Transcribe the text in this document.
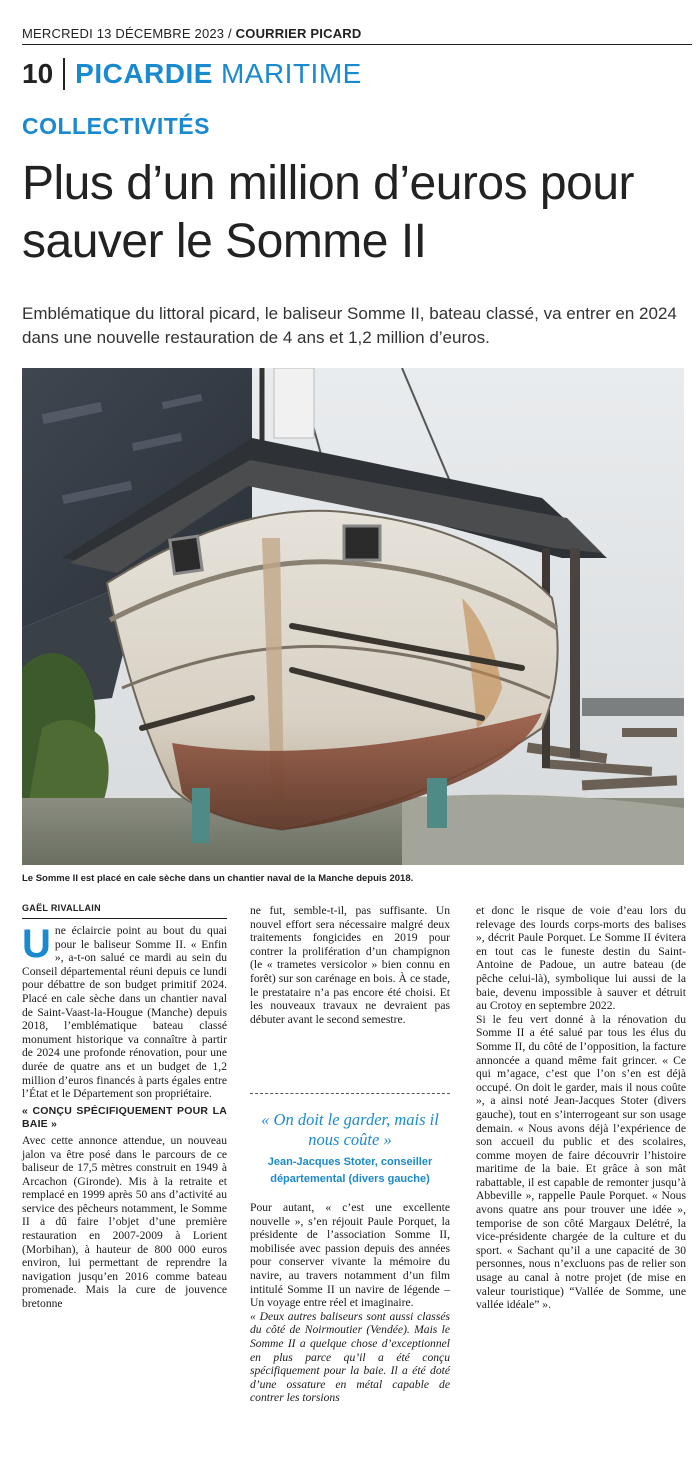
MERCREDI 13 DÉCEMBRE 2023 / COURRIER PICARD
10 PICARDIE MARITIME
COLLECTIVITÉS
Plus d’un million d’euros pour sauver le Somme II
Emblématique du littoral picard, le baliseur Somme II, bateau classé, va entrer en 2024 dans une nouvelle restauration de 4 ans et 1,2 million d’euros.
Le Somme II est placé en cale sèche dans un chantier naval de la Manche depuis 2018.
GAËL RIVALLAIN
U ne éclaircie point au bout du quai pour le baliseur Somme II. « Enfin », a-t-on salué ce mardi au sein du Conseil départemental réuni depuis ce lundi pour débattre de son budget primitif 2024. Placé en cale sèche dans un chantier naval de Saint-Vaast-la-Hougue (Manche) depuis 2018, l’emblématique bateau classé monument historique va connaître à partir de 2024 une profonde rénovation, pour une durée de quatre ans et un budget de 1,2 million d’euros financés à parts égales entre l’État et le Département son propriétaire.

« CONÇU SPÉCIFIQUEMENT POUR LA BAIE »

Avec cette annonce attendue, un nouveau jalon va être posé dans le parcours de ce baliseur de 17,5 mètres construit en 1949 à Arcachon (Gironde). Mis à la retraite et remplacé en 1999 après 50 ans d’activité au service des pêcheurs notamment, le Somme II a dû faire l’objet d’une première restauration en 2007-2009 à Lorient (Morbihan), à hauteur de 800 000 euros environ, lui permettant de reprendre la navigation jusqu’en 2016 comme bateau promenade. Mais la cure de jouvence bretonne

ne fut, semble-t-il, pas suffisante. Un nouvel effort sera nécessaire malgré deux traitements fongicides en 2019 pour contrer la prolifération d’un champignon (le « trametes versicolor » bien connu en forêt) sur son carénage en bois. À ce stade, le prestataire n’a pas encore été choisi. Et les nouveaux travaux ne devraient pas débuter avant le second semestre.

« On doit le garder, mais il nous coûte »
Jean-Jacques Stoter, conseiller départemental (divers gauche)

Pour autant, « c’est une excellente nouvelle », s’en réjouit Paule Porquet, la présidente de l’association Somme II, mobilisée avec passion depuis des années pour conserver vivante la mémoire du navire, au travers notamment d’un film intitulé Somme II un navire de légende – Un voyage entre réel et imaginaire.

« Deux autres baliseurs sont aussi classés du côté de Noirmoutier (Vendée). Mais le Somme II a quelque chose d’exceptionnel en plus parce qu’il a été conçu spécifiquement pour la baie. Il a été doté d’une ossature en métal capable de contrer les torsions

et donc le risque de voie d’eau lors du relevage des lourds corps-morts des balises », décrit Paule Porquet. Le Somme II évitera en tout cas le funeste destin du Saint-Antoine de Padoue, un autre bateau (de pêche celui-là), symbolique lui aussi de la baie, devenu impossible à sauver et détruit au Crotoy en septembre 2022.

Si le feu vert donné à la rénovation du Somme II a été salué par tous les élus du Somme II, du côté de l’opposition, la facture annoncée a quand même fait grincer. « Ce qui m’agace, c’est que l’on s’en est déjà occupé. On doit le garder, mais il nous coûte », a ainsi noté Jean-Jacques Stoter (divers gauche), tout en s’interrogeant sur son usage demain. « Nous avons déjà l’expérience de son accueil du public et des scolaires, comme moyen de faire découvrir l’histoire maritime de la baie. Et grâce à son mât rabattable, il est capable de remonter jusqu’à Abbeville », rappelle Paule Porquet. « Nous avons quatre ans pour trouver une idée », temporise de son côté Margaux Delétré, la vice-présidente chargée de la culture et du sport. « Sachant qu’il a une capacité de 30 personnes, nous n’excluons pas de relier son usage au canal à notre projet (de mise en valeur touristique) “Vallée de Somme, une vallée idéale” ».
